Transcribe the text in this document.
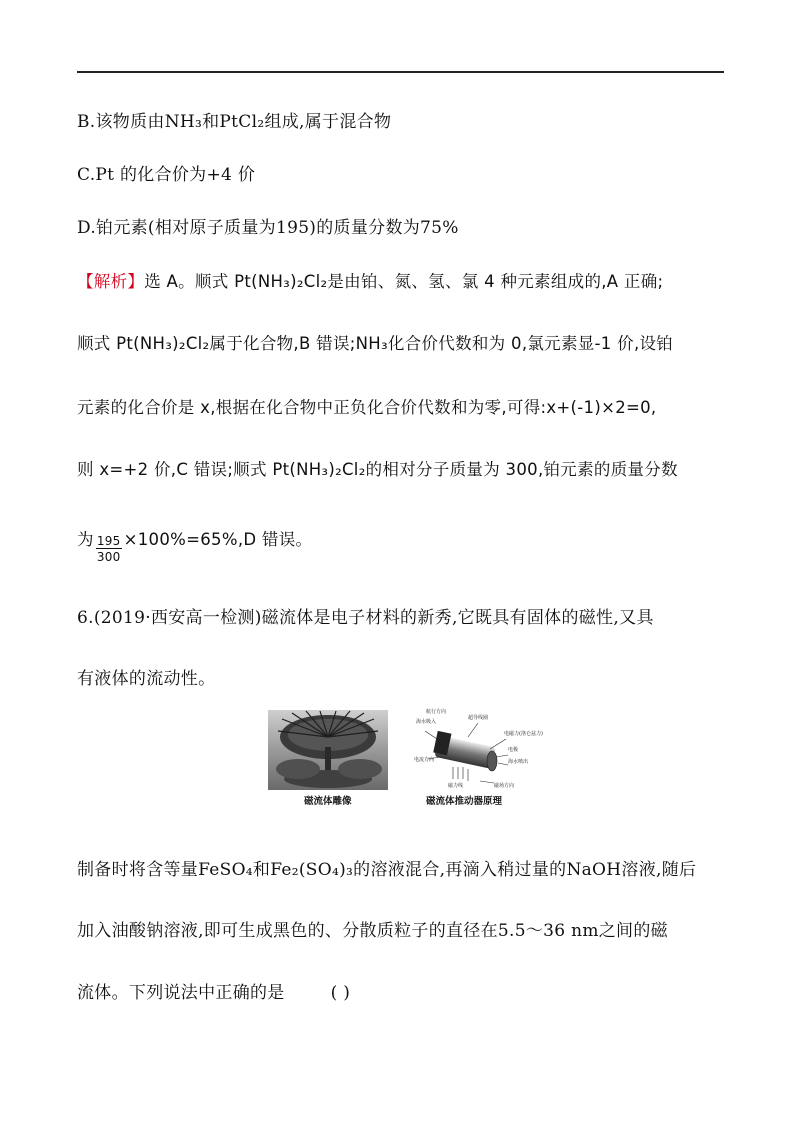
B.该物质由NH₃和PtCl₂组成,属于混合物
C.Pt 的化合价为+4 价
D.铂元素(相对原子质量为195)的质量分数为75%
【解析】选 A。顺式 Pt(NH₃)₂Cl₂是由铂、氮、氢、氯 4 种元素组成的,A 正确;
顺式 Pt(NH₃)₂Cl₂属于化合物,B 错误;NH₃化合价代数和为 0,氯元素显-1 价,设铂
元素的化合价是 x,根据在化合物中正负化合价代数和为零,可得:x+(-1)×2=0,
则 x=+2 价,C 错误;顺式 Pt(NH₃)₂Cl₂的相对分子质量为 300,铂元素的质量分数
为 $\frac{195}{300} \times 100\%=65\%,D$ 错误。
6.(2019·西安高一检测)磁流体是电子材料的新秀,它既具有固体的磁性,又具
有液体的流动性。
航行方向
超导线圈
海水吸入
电磁力(洛仑兹力)
电极
海水喷出
电流方向
磁力线	磁场方向
磁流体雕像	磁流体推动器原理
制备时将含等量FeSO₄和Fe₂(SO₄)₃的溶液混合,再滴入稍过量的NaOH溶液,随后
加入油酸钠溶液,即可生成黑色的、分散质粒子的直径在5.5～36 nm之间的磁
流体。下列说法中正确的是	( )
